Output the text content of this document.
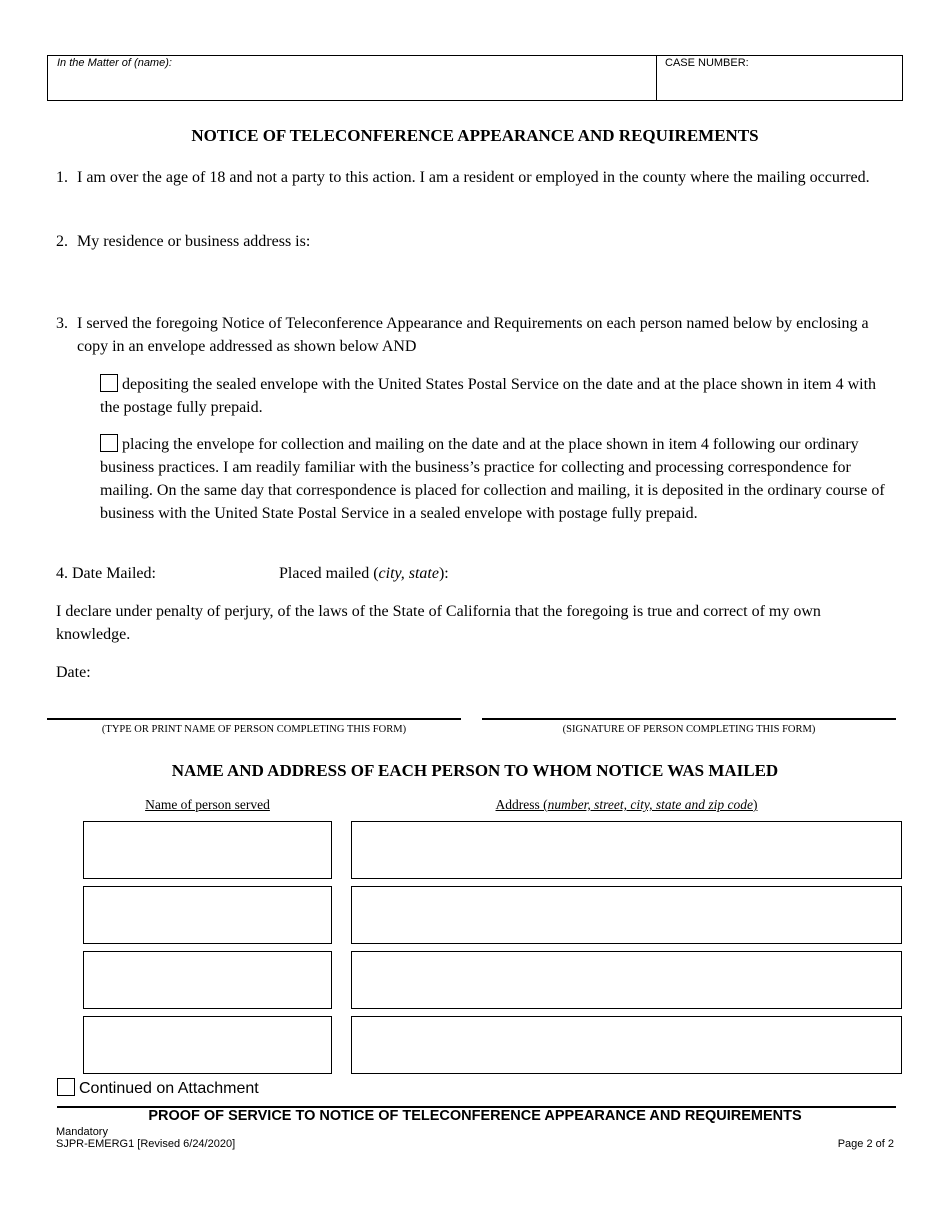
In the Matter of (name):	CASE NUMBER:
NOTICE OF TELECONFERENCE APPEARANCE AND REQUIREMENTS
1. I am over the age of 18 and not a party to this action. I am a resident or employed in the county where the mailing occurred.
2. My residence or business address is:
3. I served the foregoing Notice of Teleconference Appearance and Requirements on each person named below by enclosing a copy in an envelope addressed as shown below AND
depositing the sealed envelope with the United States Postal Service on the date and at the place shown in item 4 with the postage fully prepaid.
placing the envelope for collection and mailing on the date and at the place shown in item 4 following our ordinary business practices. I am readily familiar with the business’s practice for collecting and processing correspondence for mailing. On the same day that correspondence is placed for collection and mailing, it is deposited in the ordinary course of business with the United State Postal Service in a sealed envelope with postage fully prepaid.
4. Date Mailed:	Placed mailed (city, state):
I declare under penalty of perjury, of the laws of the State of California that the foregoing is true and correct of my own knowledge.
Date:
(TYPE OR PRINT NAME OF PERSON COMPLETING THIS FORM)	(SIGNATURE OF PERSON COMPLETING THIS FORM)
NAME AND ADDRESS OF EACH PERSON TO WHOM NOTICE WAS MAILED
Name of person served	Address (number, street, city, state and zip code)
Continued on Attachment
PROOF OF SERVICE TO NOTICE OF TELECONFERENCE APPEARANCE AND REQUIREMENTS
Mandatory
SJPR-EMERG1 [Revised 6/24/2020]	Page 2 of 2
